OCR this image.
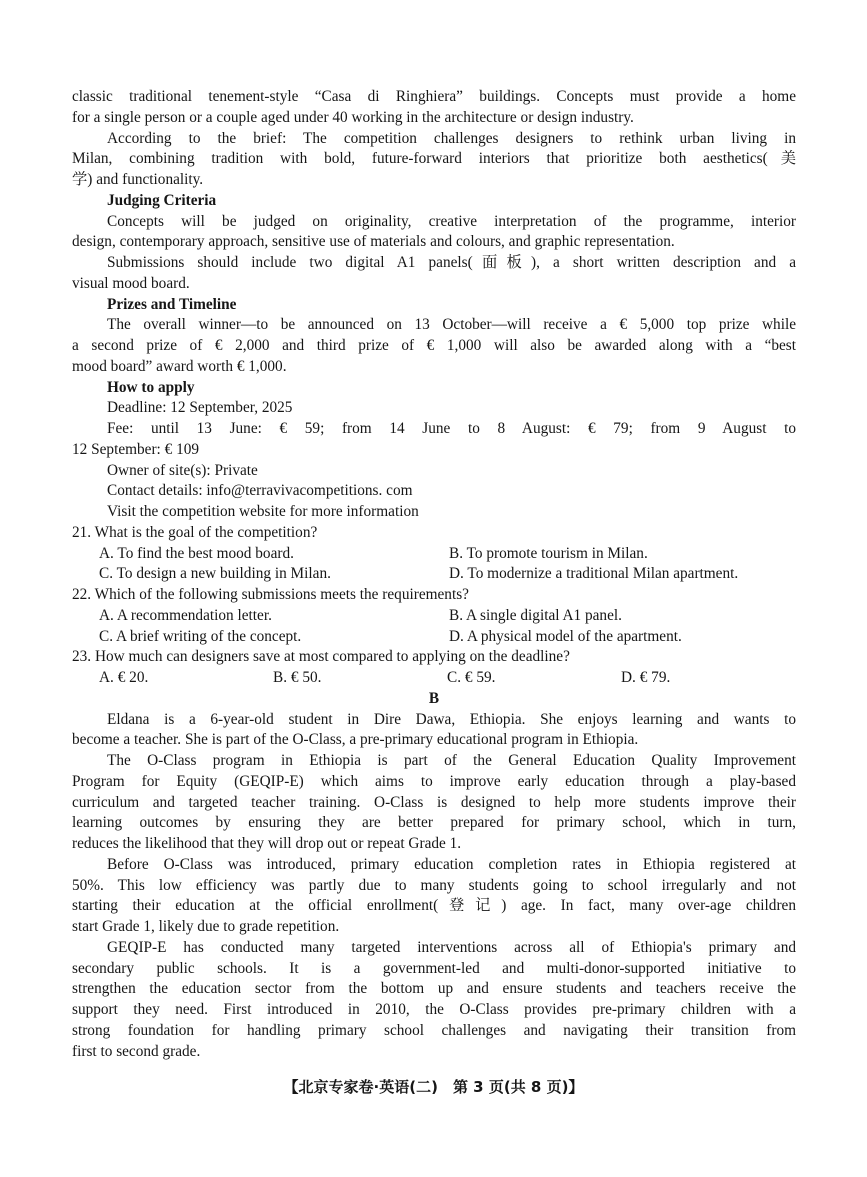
classic traditional tenement-style “Casa di Ringhiera” buildings. Concepts must provide a home
for a single person or a couple aged under 40 working in the architecture or design industry.
According to the brief: The competition challenges designers to rethink urban living in
Milan, combining tradition with bold, future-forward interiors that prioritize both aesthetics(美
学) and functionality.
Judging Criteria
Concepts will be judged on originality, creative interpretation of the programme, interior
design, contemporary approach, sensitive use of materials and colours, and graphic representation.
Submissions should include two digital A1 panels(面板), a short written description and a
visual mood board.
Prizes and Timeline
The overall winner—to be announced on 13 October—will receive a € 5,000 top prize while
a second prize of € 2,000 and third prize of € 1,000 will also be awarded along with a “best
mood board” award worth € 1,000.
How to apply
Deadline: 12 September, 2025
Fee: until 13 June: € 59; from 14 June to 8 August: € 79; from 9 August to
12 September: € 109
Owner of site(s): Private
Contact details: info@terravivacompetitions. com
Visit the competition website for more information
21. What is the goal of the competition?
A. To find the best mood board.	B. To promote tourism in Milan.
C. To design a new building in Milan.	D. To modernize a traditional Milan apartment.
22. Which of the following submissions meets the requirements?
A. A recommendation letter.	B. A single digital A1 panel.
C. A brief writing of the concept.	D. A physical model of the apartment.
23. How much can designers save at most compared to applying on the deadline?
A. € 20.	B. € 50.	C. € 59.	D. € 79.
B
Eldana is a 6-year-old student in Dire Dawa, Ethiopia. She enjoys learning and wants to
become a teacher. She is part of the O-Class, a pre-primary educational program in Ethiopia.
The O-Class program in Ethiopia is part of the General Education Quality Improvement
Program for Equity (GEQIP-E) which aims to improve early education through a play-based
curriculum and targeted teacher training. O-Class is designed to help more students improve their
learning outcomes by ensuring they are better prepared for primary school, which in turn,
reduces the likelihood that they will drop out or repeat Grade 1.
Before O-Class was introduced, primary education completion rates in Ethiopia registered at
50%. This low efficiency was partly due to many students going to school irregularly and not
starting their education at the official enrollment(登记) age. In fact, many over-age children
start Grade 1, likely due to grade repetition.
GEQIP-E has conducted many targeted interventions across all of Ethiopia's primary and
secondary public schools. It is a government-led and multi-donor-supported initiative to
strengthen the education sector from the bottom up and ensure students and teachers receive the
support they need. First introduced in 2010, the O-Class provides pre-primary children with a
strong foundation for handling primary school challenges and navigating their transition from
first to second grade.
【北京专家卷·英语(二)　第 3 页(共 8 页)】
